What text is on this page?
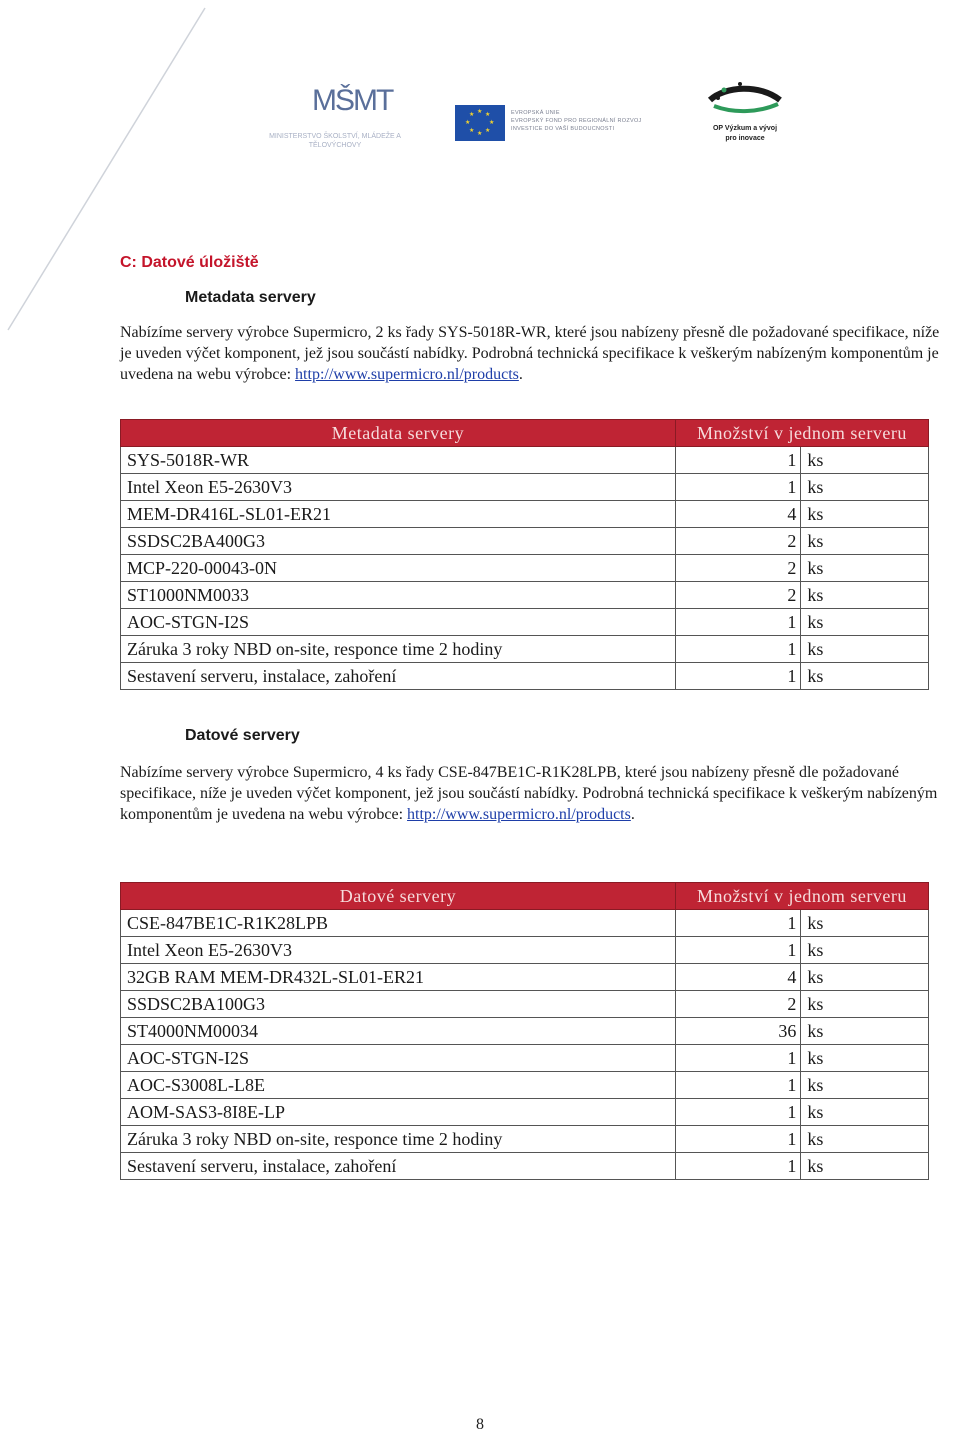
MŠMT
MINISTERSTVO ŠKOLSTVÍ, MLÁDEŽE A TĚLOVÝCHOVY
★ ★
★
★
★
★
★
★	EVROPSKÁ UNIE
EVROPSKÝ FOND PRO REGIONÁLNÍ ROZVOJ
INVESTICE DO VAŠÍ BUDOUCNOSTI	OP Výzkum a vývoj
pro inovace
C: Datové úložiště
Metadata servery
Nabízíme servery výrobce Supermicro, 2 ks řady SYS-5018R-WR, které jsou nabízeny přesně dle požadované specifikace, níže je uveden výčet komponent, jež jsou součástí nabídky. Podrobná technická specifikace k veškerým nabízeným komponentům je uvedena na webu výrobce: http://www.supermicro.nl/products.
Metadata servery	Množství v jednom serveru	
SYS-5018R-WR	1	ks
Intel Xeon E5-2630V3	1	ks
MEM-DR416L-SL01-ER21	4	ks
SSDSC2BA400G3	2	ks
MCP-220-00043-0N	2	ks
ST1000NM0033	2	ks
AOC-STGN-I2S	1	ks
Záruka 3 roky NBD on-site, responce time 2 hodiny	1	ks
Sestavení serveru, instalace, zahoření	1	ks
Datové servery
Nabízíme servery výrobce Supermicro, 4 ks řady CSE-847BE1C-R1K28LPB, které jsou nabízeny přesně dle požadované specifikace, níže je uveden výčet komponent, jež jsou součástí nabídky. Podrobná technická specifikace k veškerým nabízeným komponentům je uvedena na webu výrobce: http://www.supermicro.nl/products.
Datové servery	Množství v jednom serveru	
CSE-847BE1C-R1K28LPB	1	ks
Intel Xeon E5-2630V3	1	ks
32GB RAM MEM-DR432L-SL01-ER21	4	ks
SSDSC2BA100G3	2	ks
ST4000NM00034	36	ks
AOC-STGN-I2S	1	ks
AOC-S3008L-L8E	1	ks
AOM-SAS3-8I8E-LP	1	ks
Záruka 3 roky NBD on-site, responce time 2 hodiny	1	ks
Sestavení serveru, instalace, zahoření	1	ks
8
